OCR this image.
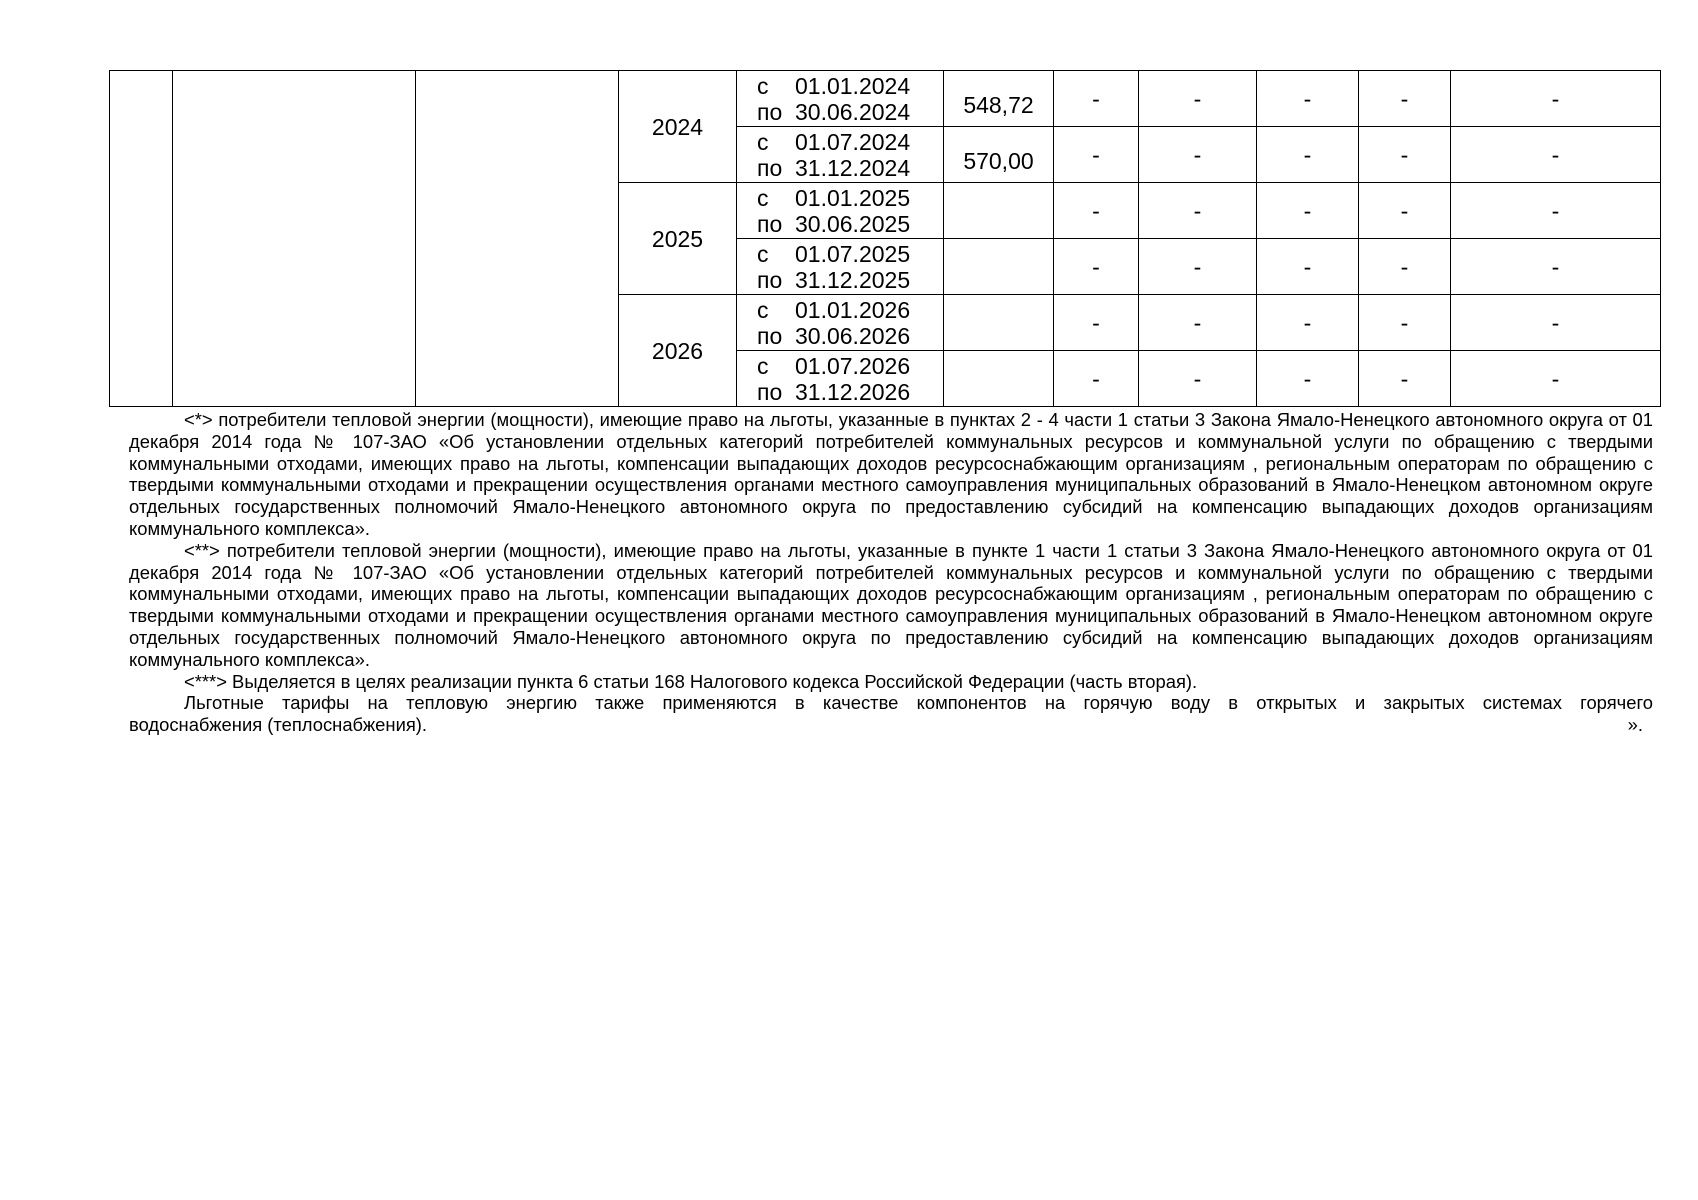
			2024	с 01.01.2024
по 30.06.2024	548,72	-	-	-	-	-

				с 01.07.2024
по 31.12.2024	570,00	-	-	-	-	-
			2025	с 01.01.2025
по 30.06.2025		-	-	-	-	-

				с 01.07.2025
по 31.12.2025		-	-	-	-	-
			2026	с 01.01.2026
по 30.06.2026		-	-	-	-	-

				с 01.07.2026
по 31.12.2026		-	-	-	-	-

<*> потребители тепловой энергии (мощности), имеющие право на льготы, указанные в пунктах 2 - 4 части 1 статьи 3 Закона Ямало-Ненецкого автономного округа от 01 декабря 2014 года № 107-ЗАО «Об установлении отдельных категорий потребителей коммунальных ресурсов и коммунальной услуги по обращению с твердыми коммунальными отходами, имеющих право на льготы, компенсации выпадающих доходов ресурсоснабжающим организациям , региональным операторам по обращению с твердыми коммунальными отходами и прекращении осуществления органами местного самоуправления муниципальных образований в Ямало-Ненецком автономном округе отдельных государственных полномочий Ямало-Ненецкого автономного округа по предоставлению субсидий на компенсацию выпадающих доходов организациям коммунального комплекса».

<**> потребители тепловой энергии (мощности), имеющие право на льготы, указанные в пункте 1 части 1 статьи 3 Закона Ямало-Ненецкого автономного округа от 01 декабря 2014 года № 107-ЗАО «Об установлении отдельных категорий потребителей коммунальных ресурсов и коммунальной услуги по обращению с твердыми коммунальными отходами, имеющих право на льготы, компенсации выпадающих доходов ресурсоснабжающим организациям , региональным операторам по обращению с твердыми коммунальными отходами и прекращении осуществления органами местного самоуправления муниципальных образований в Ямало-Ненецком автономном округе отдельных государственных полномочий Ямало-Ненецкого автономного округа по предоставлению субсидий на компенсацию выпадающих доходов организациям коммунального комплекса».

<***> Выделяется в целях реализации пункта 6 статьи 168 Налогового кодекса Российской Федерации (часть вторая).

Льготные тарифы на тепловую энергию также применяются в качестве компонентов на горячую воду в открытых и закрытых системах горячего

водоснабжения (теплоснабжения).	».
